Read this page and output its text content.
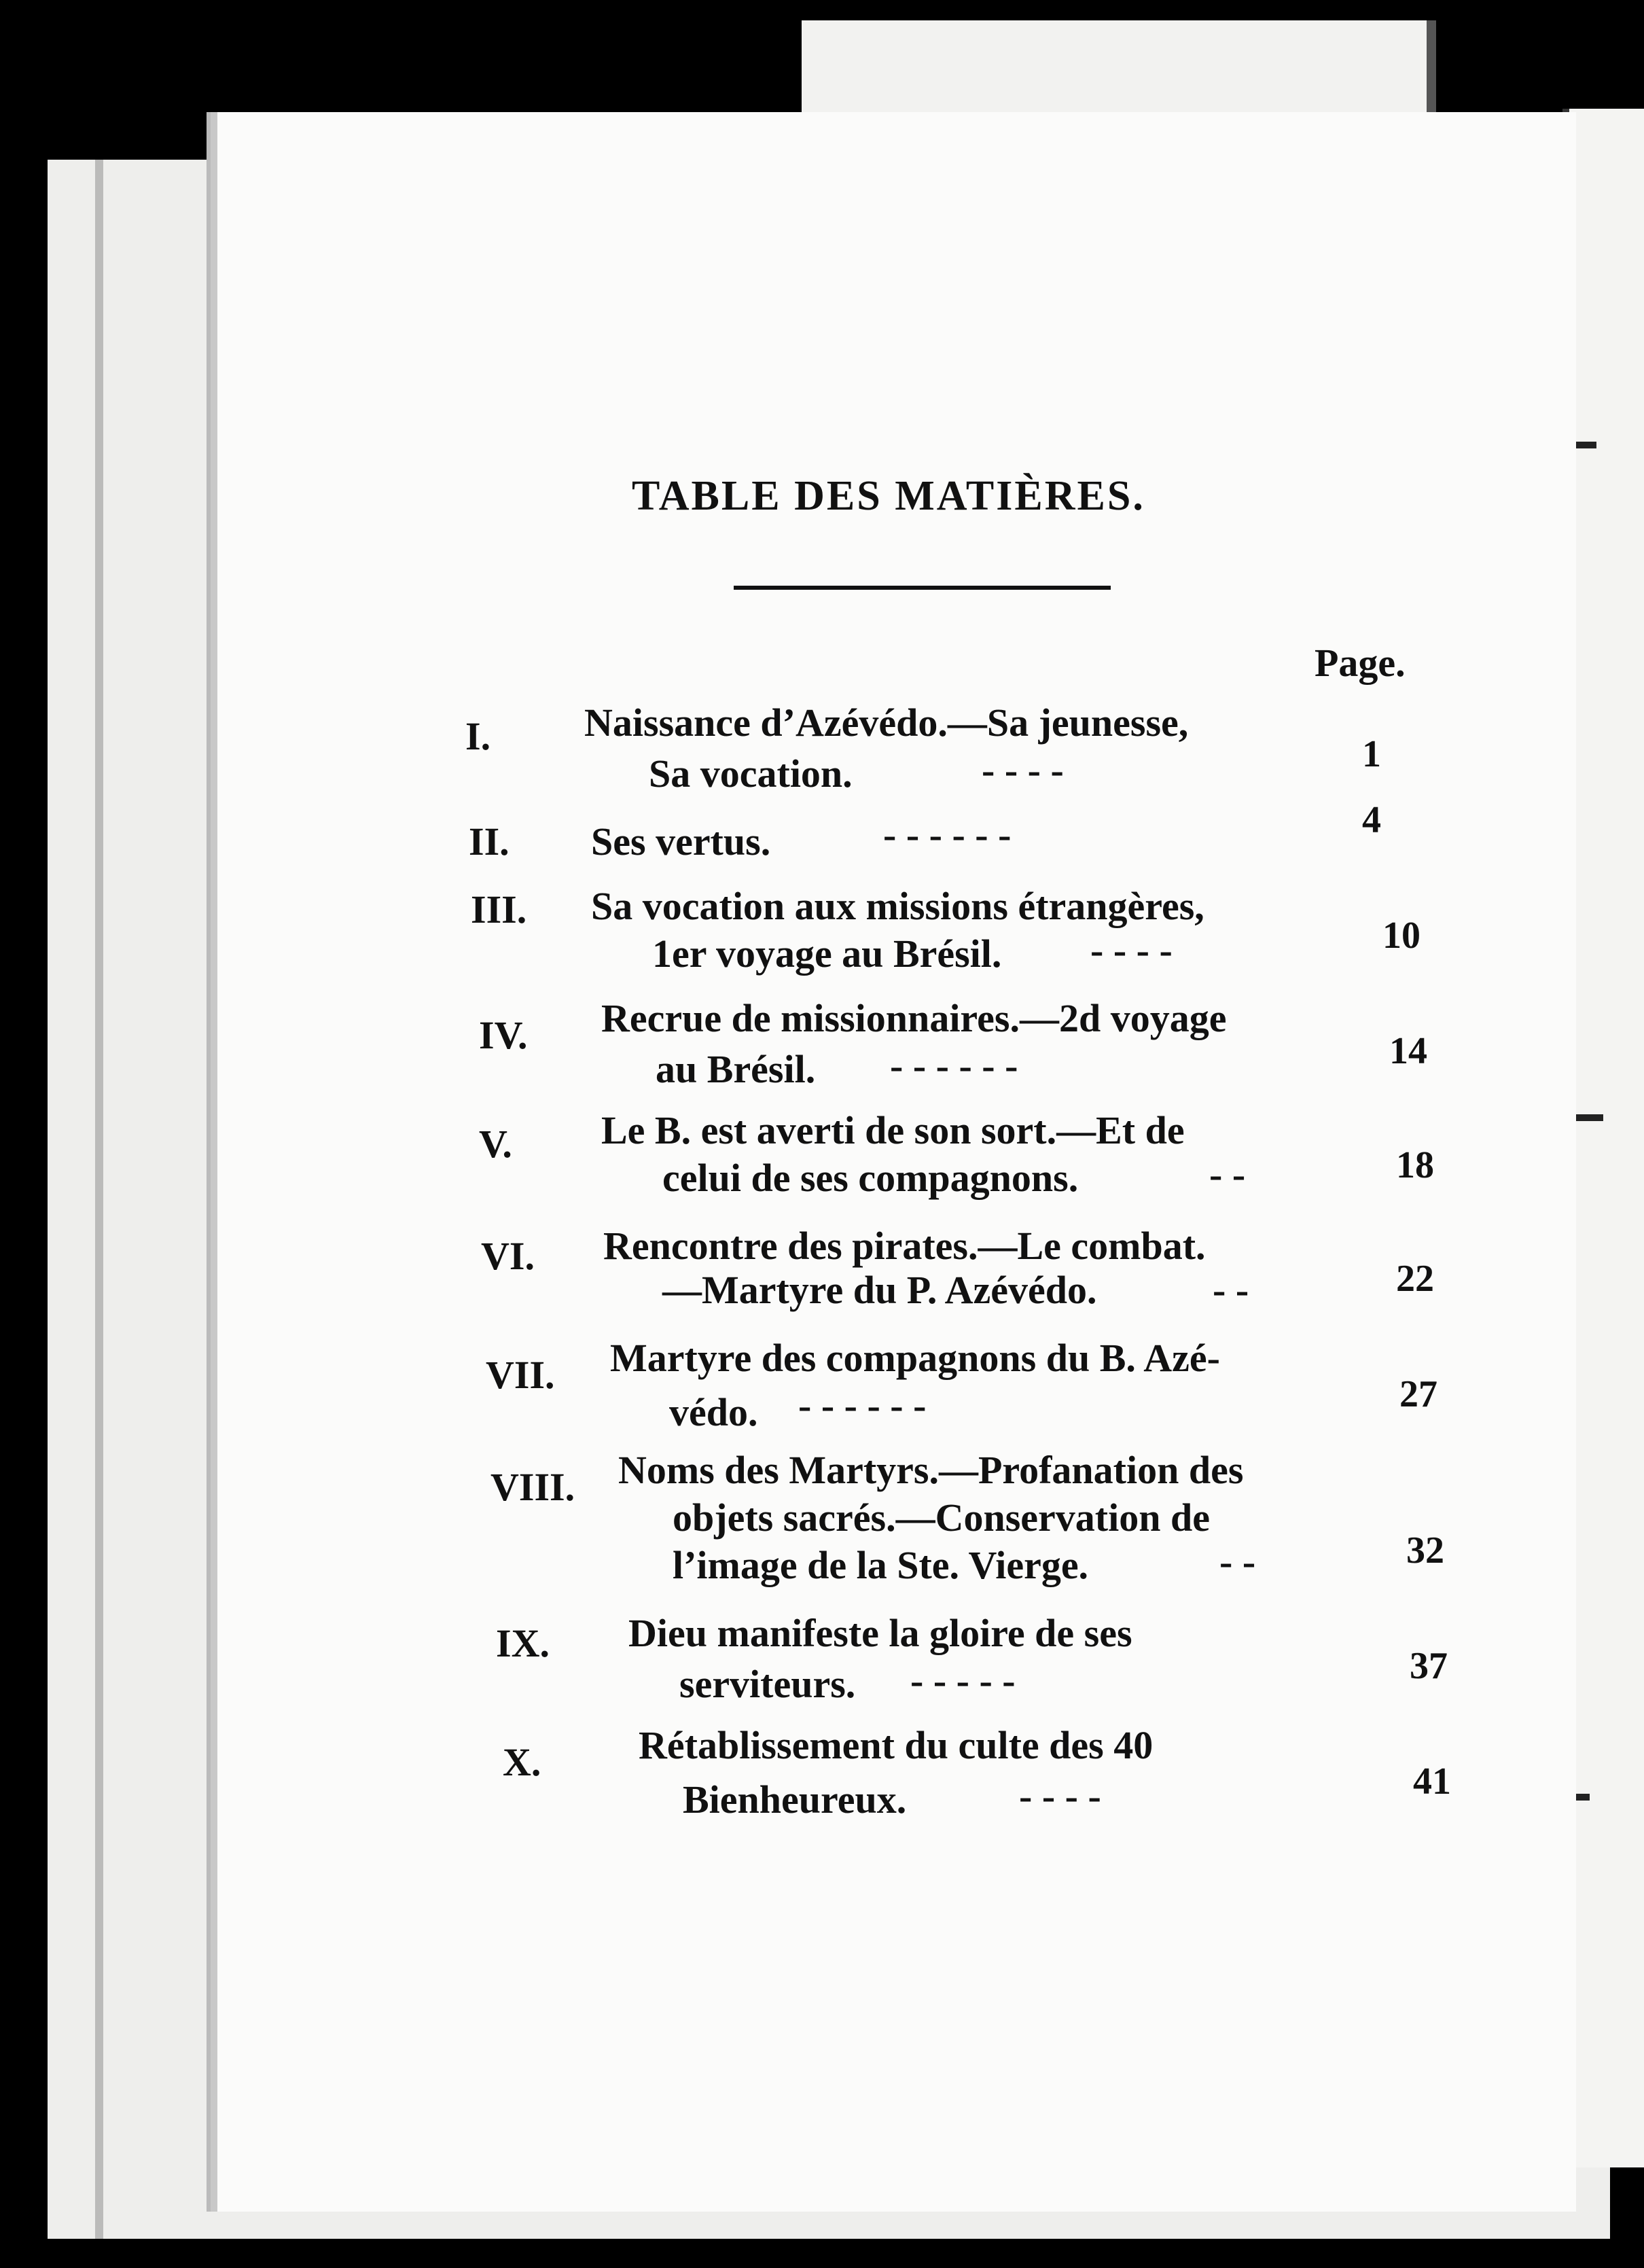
TABLE DES MATIÈRES.
Page.
I. Naissance d’Azévédo.—Sa jeunesse,
Sa vocation.	- - - -	1
II. Ses vertus.	- - - - - -	4
III. Sa vocation aux missions étrangères,
1er voyage au Brésil. - - - -	10
IV. Recrue de missionnaires.—2d voyage
au Brésil. - - - - - -	14
V. Le B. est averti de son sort.—Et de
celui de ses compagnons.	- -	18
VI. Rencontre des pirates.—Le combat.
—Martyre du P. Azévédo.	- -	22
VII. Martyre des compagnons du B. Azé-
védo. - - - - - -	27
VIII. Noms des Martyrs.—Profanation des
objets sacrés.—Conservation de
l’image de la Ste. Vierge.	- -	32
IX. Dieu manifeste la gloire de ses
serviteurs. - - - - -	37
X. Rétablissement du culte des 40
Bienheureux.	- - - -	41
